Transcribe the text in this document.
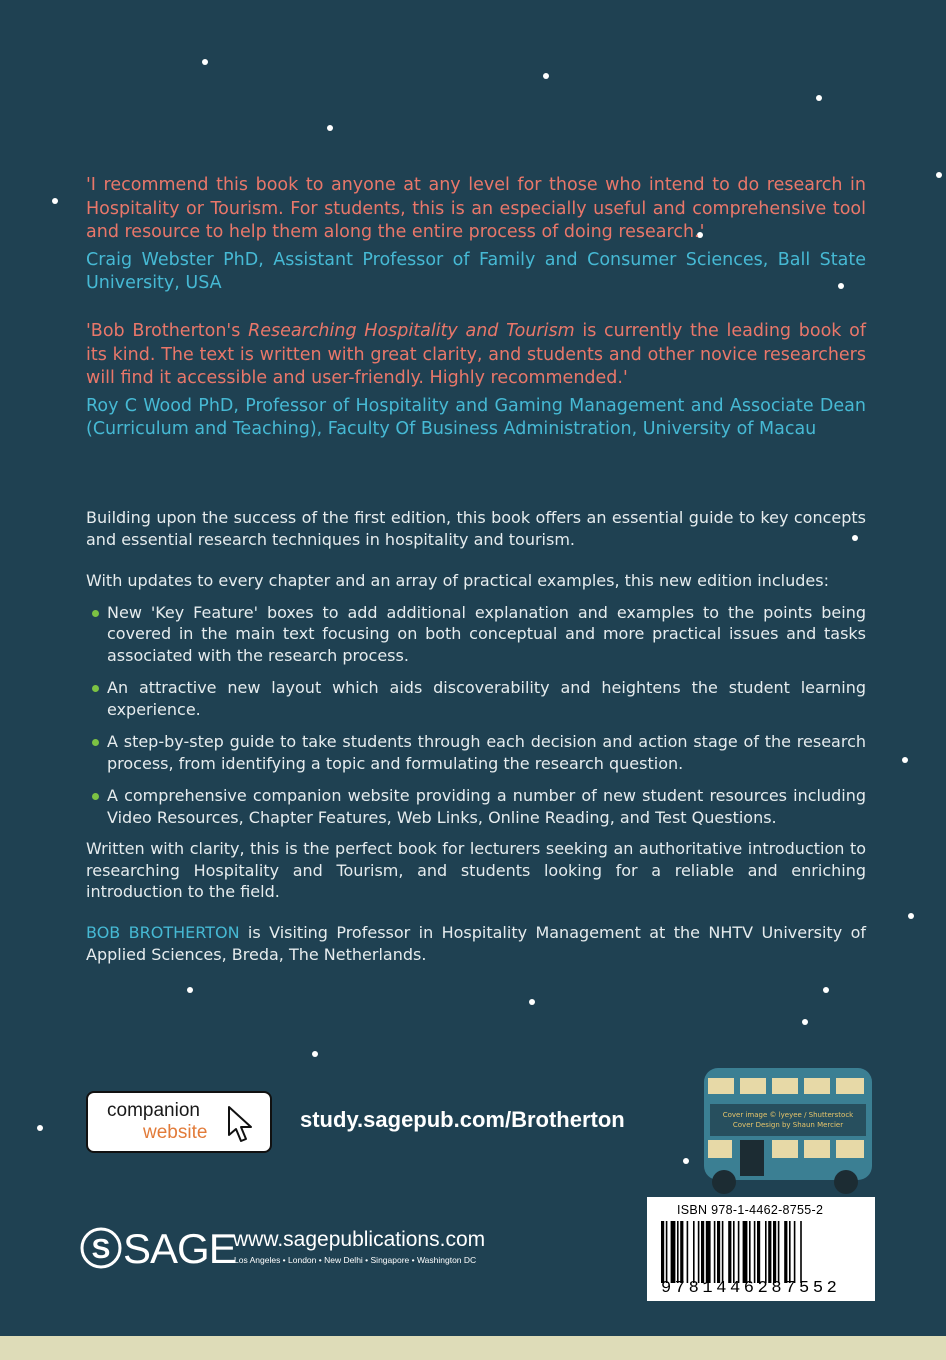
'I recommend this book to anyone at any level for those who intend to do research in Hospitality or Tourism. For students, this is an especially useful and comprehensive tool and resource to help them along the entire process of doing research.'

Craig Webster PhD, Assistant Professor of Family and Consumer Sciences, Ball State University, USA

'Bob Brotherton's Researching Hospitality and Tourism is currently the leading book of its kind. The text is written with great clarity, and students and other novice researchers will find it accessible and user-friendly. Highly recommended.'

Roy C Wood PhD, Professor of Hospitality and Gaming Management and Associate Dean (Curriculum and Teaching), Faculty Of Business Administration, University of Macau

Building upon the success of the first edition, this book offers an essential guide to key concepts and essential research techniques in hospitality and tourism.

With updates to every chapter and an array of practical examples, this new edition includes:

New 'Key Feature' boxes to add additional explanation and examples to the points being covered in the main text focusing on both conceptual and more practical issues and tasks associated with the research process.
An attractive new layout which aids discoverability and heightens the student learning experience.
A step-by-step guide to take students through each decision and action stage of the research process, from identifying a topic and formulating the research question.
A comprehensive companion website providing a number of new student resources including Video Resources, Chapter Features, Web Links, Online Reading, and Test Questions.

Written with clarity, this is the perfect book for lecturers seeking an authoritative introduction to researching Hospitality and Tourism, and students looking for a reliable and enriching introduction to the field.

BOB BROTHERTON is Visiting Professor in Hospitality Management at the NHTV University of Applied Sciences, Breda, The Netherlands.

companion
website
study.sagepub.com/Brotherton
S SAGE
www.sagepublications.com
Los Angeles • London • New Delhi • Singapore • Washington DC
Cover image © lyeyee / Shutterstock
Cover Design by Shaun Mercier
ISBN 978-1-4462-8755-2
9781446287552
